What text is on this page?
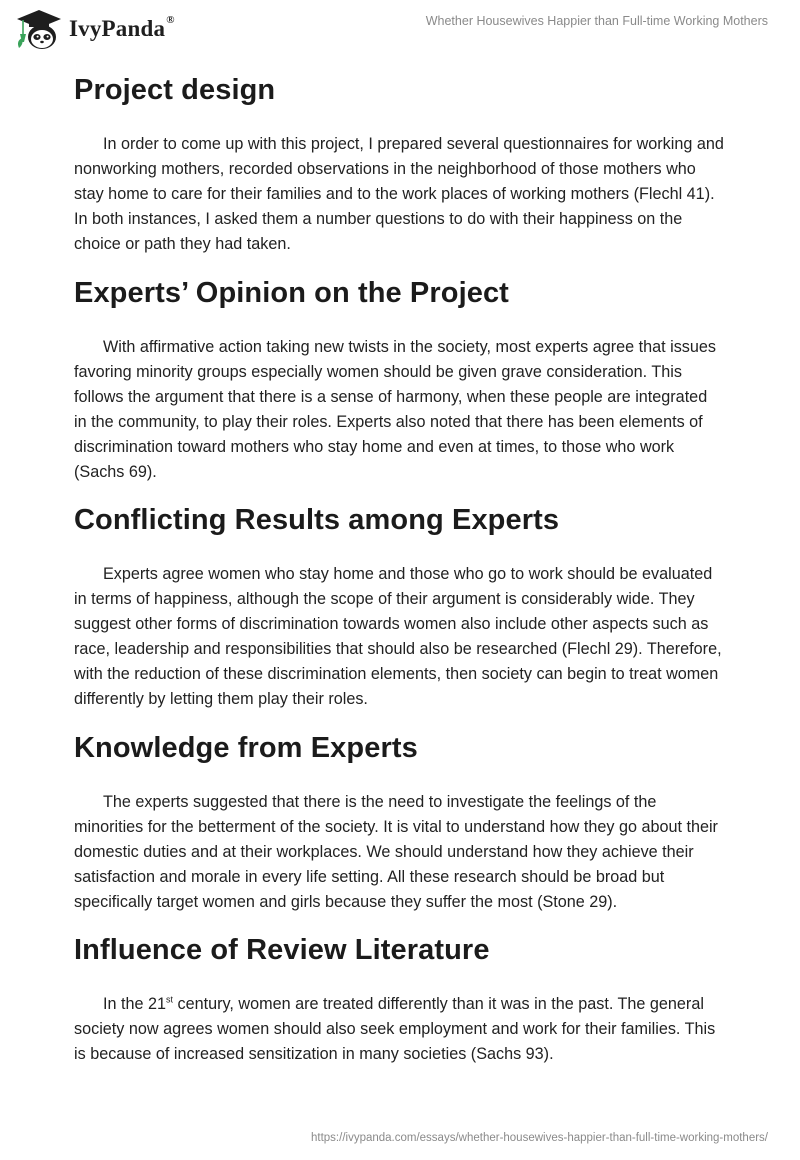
IvyPanda®	Whether Housewives Happier than Full-time Working Mothers
Project design

In order to come up with this project, I prepared several questionnaires for working and nonworking mothers, recorded observations in the neighborhood of those mothers who stay home to care for their families and to the work places of working mothers (Flechl 41). In both instances, I asked them a number questions to do with their happiness on the choice or path they had taken.

Experts’ Opinion on the Project

With affirmative action taking new twists in the society, most experts agree that issues favoring minority groups especially women should be given grave consideration. This follows the argument that there is a sense of harmony, when these people are integrated in the community, to play their roles. Experts also noted that there has been elements of discrimination toward mothers who stay home and even at times, to those who work (Sachs 69).

Conflicting Results among Experts

Experts agree women who stay home and those who go to work should be evaluated in terms of happiness, although the scope of their argument is considerably wide. They suggest other forms of discrimination towards women also include other aspects such as race, leadership and responsibilities that should also be researched (Flechl 29). Therefore, with the reduction of these discrimination elements, then society can begin to treat women differently by letting them play their roles.

Knowledge from Experts

The experts suggested that there is the need to investigate the feelings of the minorities for the betterment of the society. It is vital to understand how they go about their domestic duties and at their workplaces. We should understand how they achieve their satisfaction and morale in every life setting. All these research should be broad but specifically target women and girls because they suffer the most (Stone 29).

Influence of Review Literature

In the 21st century, women are treated differently than it was in the past. The general society now agrees women should also seek employment and work for their families. This is because of increased sensitization in many societies (Sachs 93).

https://ivypanda.com/essays/whether-housewives-happier-than-full-time-working-mothers/
